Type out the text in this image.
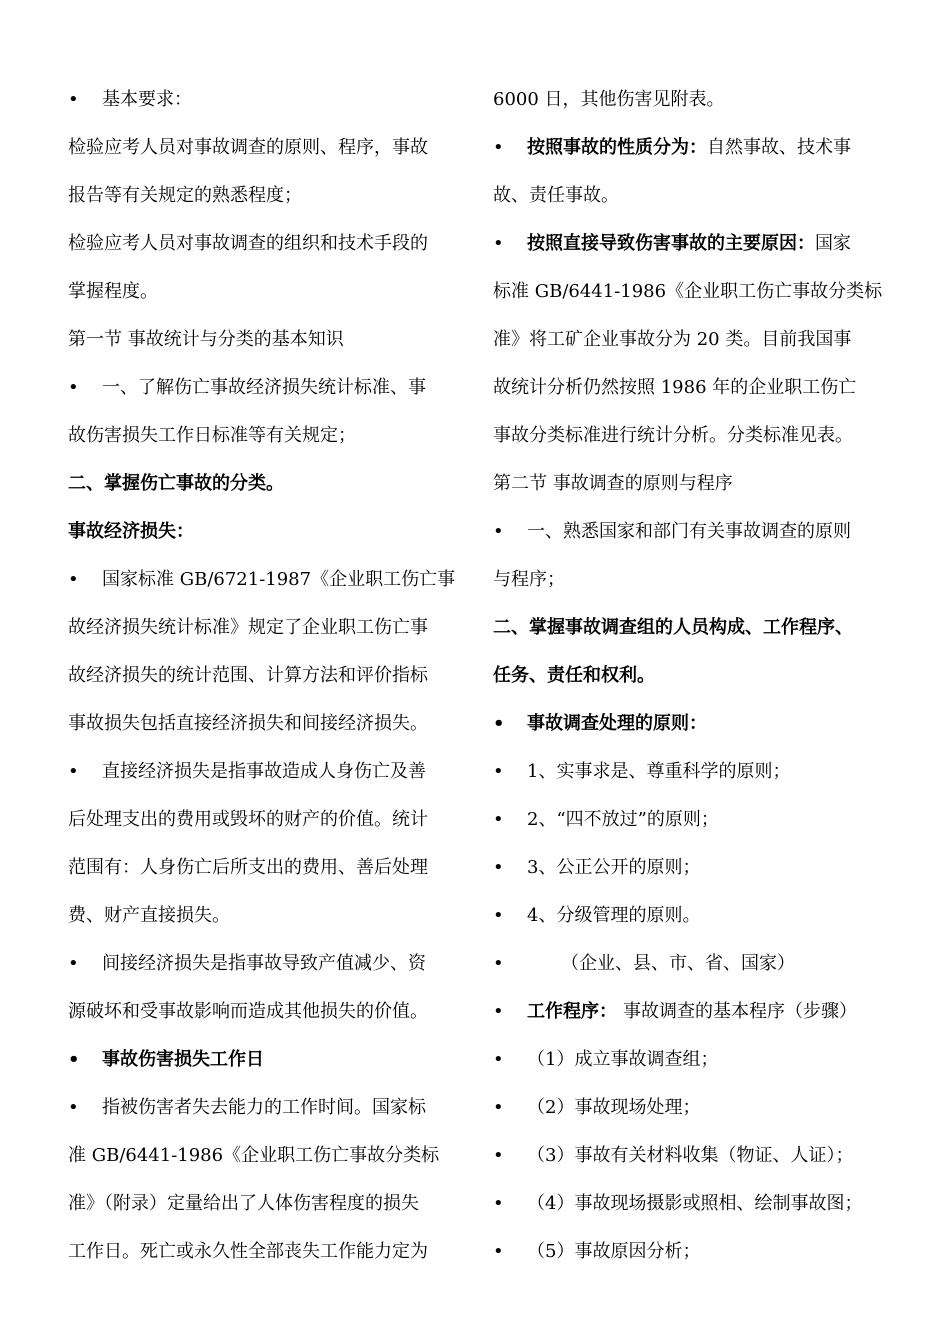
• 基本要求：
检验应考人员对事故调查的原则、程序，事故
报告等有关规定的熟悉程度；
检验应考人员对事故调查的组织和技术手段的
掌握程度。
第一节 事故统计与分类的基本知识
• 一、了解伤亡事故经济损失统计标准、事
故伤害损失工作日标准等有关规定；
二、掌握伤亡事故的分类。
事故经济损失：
• 国家标准 GB/6721-1987《企业职工伤亡事
故经济损失统计标准》规定了企业职工伤亡事
故经济损失的统计范围、计算方法和评价指标
事故损失包括直接经济损失和间接经济损失。
• 直接经济损失是指事故造成人身伤亡及善
后处理支出的费用或毁坏的财产的价值。统计
范围有：人身伤亡后所支出的费用、善后处理
费、财产直接损失。
• 间接经济损失是指事故导致产值减少、资
源破坏和受事故影响而造成其他损失的价值。
• 事故伤害损失工作日
• 指被伤害者失去能力的工作时间。国家标
准 GB/6441-1986《企业职工伤亡事故分类标
准》（附录）定量给出了人体伤害程度的损失
工作日。死亡或永久性全部丧失工作能力定为
6000 日，其他伤害见附表。
• 按照事故的性质分为：自然事故、技术事
故、责任事故。
• 按照直接导致伤害事故的主要原因：国家
标准 GB/6441-1986《企业职工伤亡事故分类标
准》将工矿企业事故分为 20 类。目前我国事
故统计分析仍然按照 1986 年的企业职工伤亡
事故分类标准进行统计分析。分类标准见表。
第二节 事故调查的原则与程序
• 一、熟悉国家和部门有关事故调查的原则
与程序；
二、掌握事故调查组的人员构成、工作程序、
任务、责任和权利。
• 事故调查处理的原则：
• 1、实事求是、尊重科学的原则；
• 2、“四不放过”的原则；
• 3、公正公开的原则；
• 4、分级管理的原则。
•	（企业、县、市、省、国家）
• 工作程序： 事故调查的基本程序（步骤）
• （1）成立事故调查组；
• （2）事故现场处理；
• （3）事故有关材料收集（物证、人证）；
• （4）事故现场摄影或照相、绘制事故图；
• （5）事故原因分析；
